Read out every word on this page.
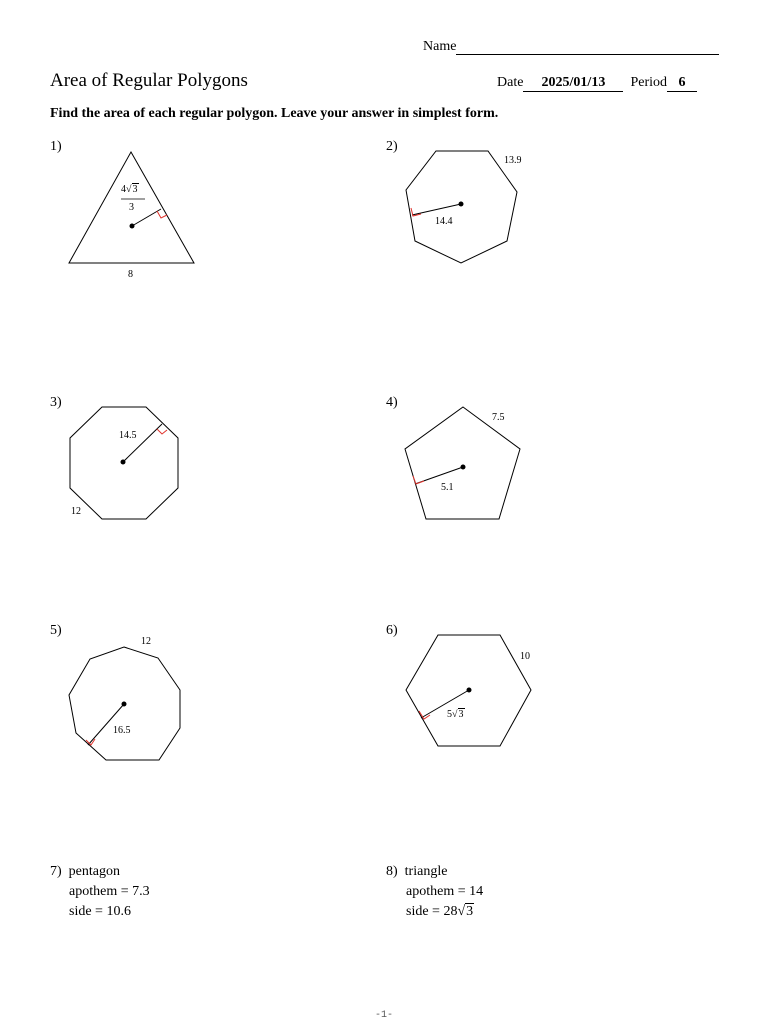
Name
Area of Regular Polygons	Date 2025/01/13 Period 6
Find the area of each regular polygon. Leave your answer in simplest form.
1)	2)
3)	4)
5)	6)
4√3
3
8
13.9
14.4
14.5
12
7.5
5.1
12
16.5
10
5√3
7) pentagon
apothem = 7.3
side = 10.6
8) triangle
apothem = 14
side = 28√3
-1-
